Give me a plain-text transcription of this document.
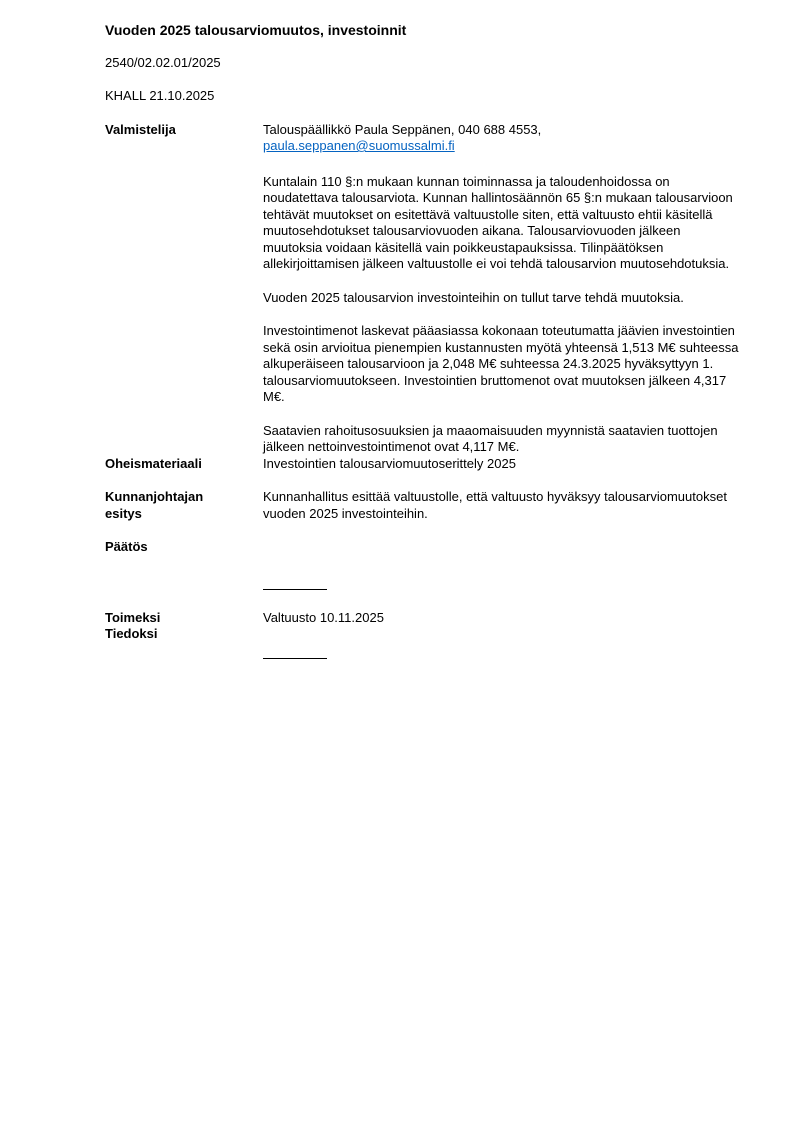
Vuoden 2025 talousarviomuutos, investoinnit
2540/02.02.01/2025
KHALL 21.10.2025
Valmistelija	Talouspäällikkö Paula Seppänen, 040 688 4553,
paula.seppanen@suomussalmi.fi

Kuntalain 110 §:n mukaan kunnan toiminnassa ja taloudenhoidossa on noudatettava talousarviota. Kunnan hallintosäännön 65 §:n mukaan talousarvioon tehtävät muutokset on esitettävä valtuustolle siten, että valtuusto ehtii käsitellä muutosehdotukset talousarviovuoden aikana. Talousarviovuoden jälkeen muutoksia voidaan käsitellä vain poikkeustapauksissa. Tilinpäätöksen allekirjoittamisen jälkeen valtuustolle ei voi tehdä talousarvion muutosehdotuksia.

Vuoden 2025 talousarvion investointeihin on tullut tarve tehdä muutoksia.

Investointimenot laskevat pääasiassa kokonaan toteutumatta jäävien investointien sekä osin arvioitua pienempien kustannusten myötä yhteensä 1,513 M€ suhteessa alkuperäiseen talousarvioon ja 2,048 M€ suhteessa 24.3.2025 hyväksyttyyn 1. talousarviomuutokseen. Investointien bruttomenot ovat muutoksen jälkeen 4,317 M€.

Saatavien rahoitusosuuksien ja maaomaisuuden myynnistä saatavien tuottojen jälkeen nettoinvestointimenot ovat 4,117 M€.

Oheismateriaali	Investointien talousarviomuutoserittely 2025
Kunnanjohtajan
esitys
Kunnanhallitus esittää valtuustolle, että valtuusto hyväksyy talousarviomuutokset vuoden 2025 investointeihin.
Päätös
Toimeksi
Tiedoksi
Valtuusto 10.11.2025
